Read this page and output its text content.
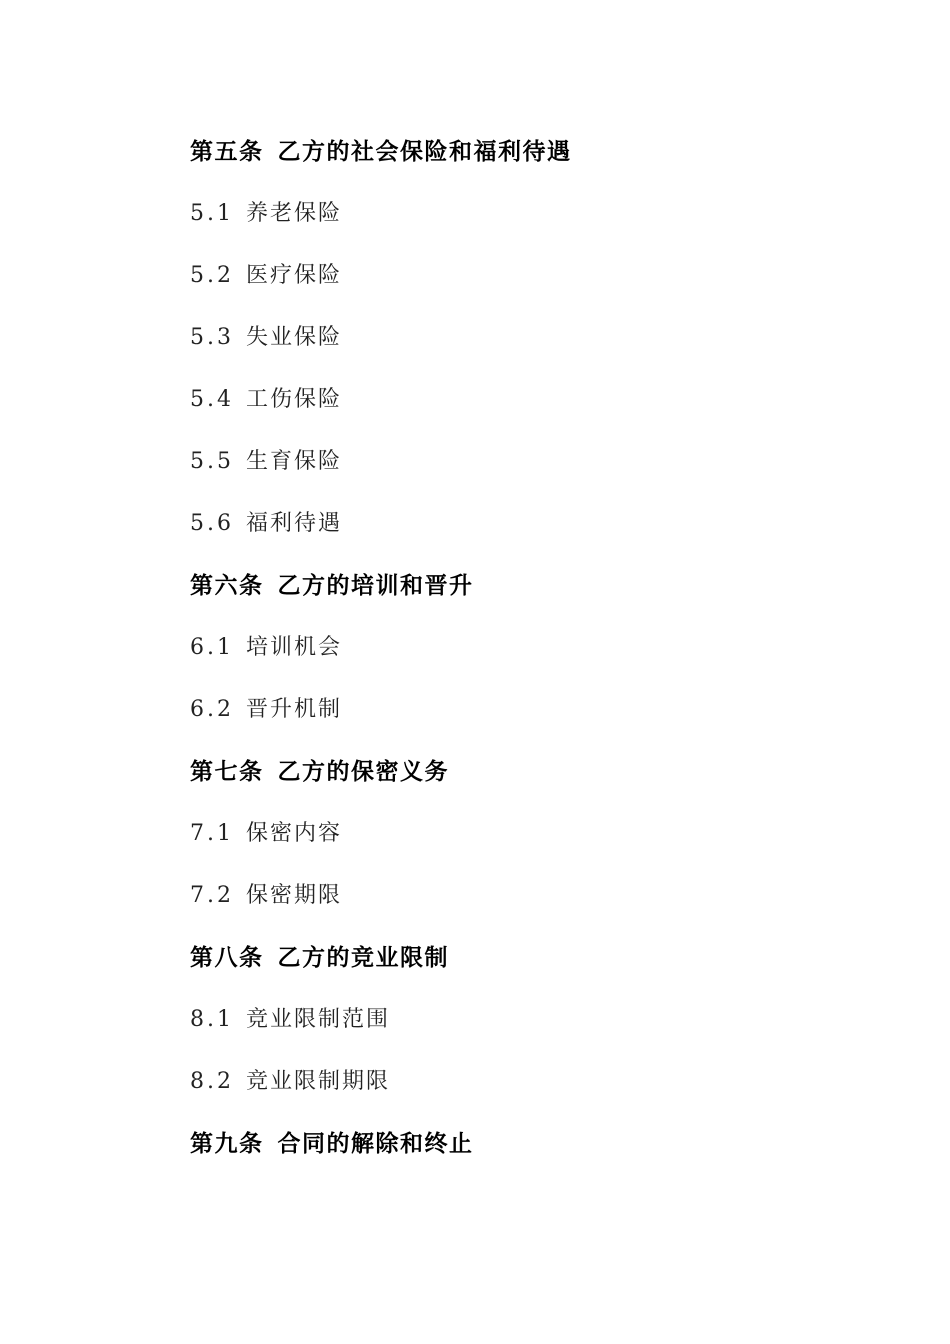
第五条 乙方的社会保险和福利待遇

5.1 养老保险

5.2 医疗保险

5.3 失业保险

5.4 工伤保险

5.5 生育保险

5.6 福利待遇

第六条 乙方的培训和晋升

6.1 培训机会

6.2 晋升机制

第七条 乙方的保密义务

7.1 保密内容

7.2 保密期限

第八条 乙方的竞业限制

8.1 竞业限制范围

8.2 竞业限制期限

第九条 合同的解除和终止
